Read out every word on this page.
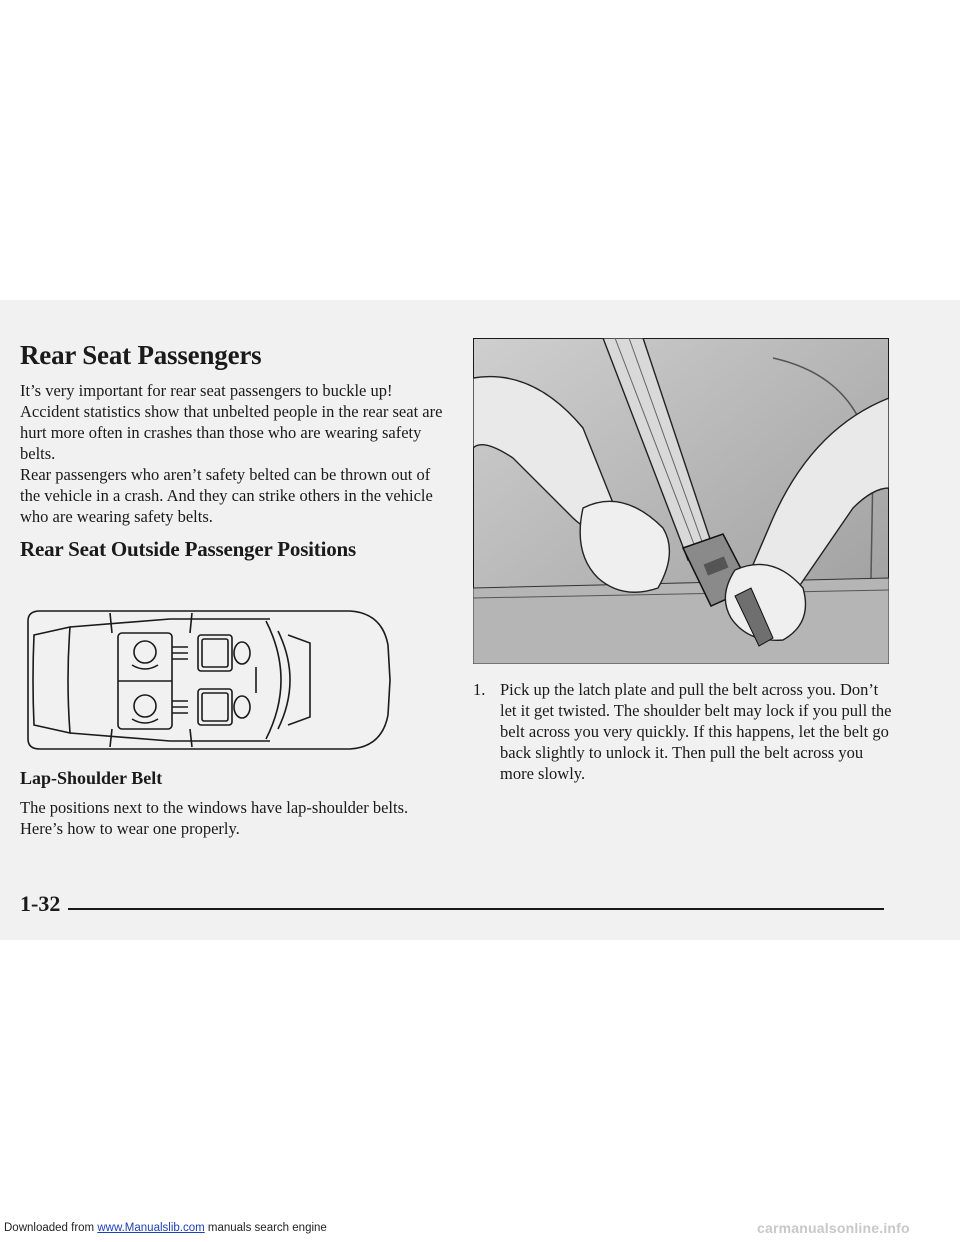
Rear Seat Passengers

It’s very important for rear seat passengers to buckle up! Accident statistics show that unbelted people in the rear seat are hurt more often in crashes than those who are wearing safety belts.

Rear passengers who aren’t safety belted can be thrown out of the vehicle in a crash. And they can strike others in the vehicle who are wearing safety belts.

Rear Seat Outside Passenger Positions
Lap-Shoulder Belt

The positions next to the windows have lap-shoulder belts. Here’s how to wear one properly.

1. Pick up the latch plate and pull the belt across you. Don’t let it get twisted. The shoulder belt may lock if you pull the belt across you very quickly. If this happens, let the belt go back slightly to unlock it. Then pull the belt across you more slowly.
1-32
Downloaded from www.Manualslib.com manuals search engine	carmanualsonline.info
